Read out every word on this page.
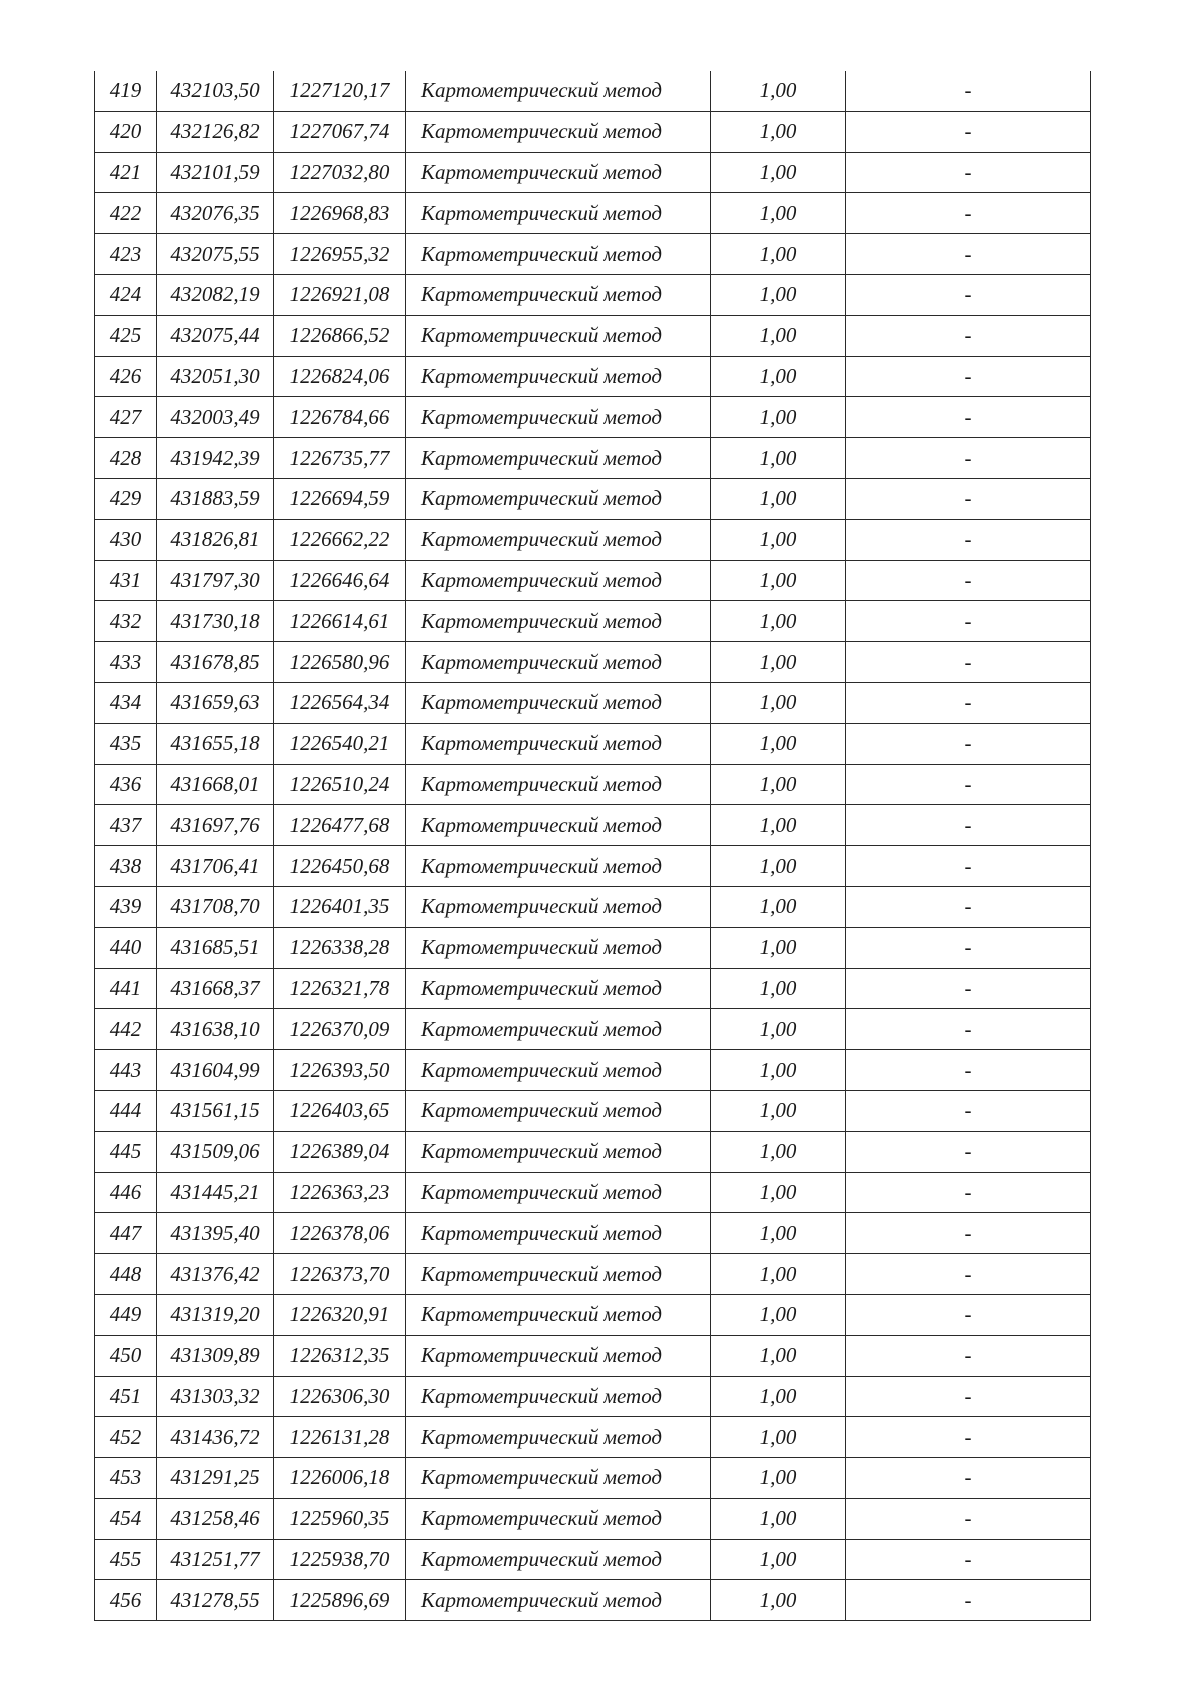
419	432103,50	1227120,17	Картометрический метод	1,00	-
420	432126,82	1227067,74	Картометрический метод	1,00	-
421	432101,59	1227032,80	Картометрический метод	1,00	-
422	432076,35	1226968,83	Картометрический метод	1,00	-
423	432075,55	1226955,32	Картометрический метод	1,00	-
424	432082,19	1226921,08	Картометрический метод	1,00	-
425	432075,44	1226866,52	Картометрический метод	1,00	-
426	432051,30	1226824,06	Картометрический метод	1,00	-
427	432003,49	1226784,66	Картометрический метод	1,00	-
428	431942,39	1226735,77	Картометрический метод	1,00	-
429	431883,59	1226694,59	Картометрический метод	1,00	-
430	431826,81	1226662,22	Картометрический метод	1,00	-
431	431797,30	1226646,64	Картометрический метод	1,00	-
432	431730,18	1226614,61	Картометрический метод	1,00	-
433	431678,85	1226580,96	Картометрический метод	1,00	-
434	431659,63	1226564,34	Картометрический метод	1,00	-
435	431655,18	1226540,21	Картометрический метод	1,00	-
436	431668,01	1226510,24	Картометрический метод	1,00	-
437	431697,76	1226477,68	Картометрический метод	1,00	-
438	431706,41	1226450,68	Картометрический метод	1,00	-
439	431708,70	1226401,35	Картометрический метод	1,00	-
440	431685,51	1226338,28	Картометрический метод	1,00	-
441	431668,37	1226321,78	Картометрический метод	1,00	-
442	431638,10	1226370,09	Картометрический метод	1,00	-
443	431604,99	1226393,50	Картометрический метод	1,00	-
444	431561,15	1226403,65	Картометрический метод	1,00	-
445	431509,06	1226389,04	Картометрический метод	1,00	-
446	431445,21	1226363,23	Картометрический метод	1,00	-
447	431395,40	1226378,06	Картометрический метод	1,00	-
448	431376,42	1226373,70	Картометрический метод	1,00	-
449	431319,20	1226320,91	Картометрический метод	1,00	-
450	431309,89	1226312,35	Картометрический метод	1,00	-
451	431303,32	1226306,30	Картометрический метод	1,00	-
452	431436,72	1226131,28	Картометрический метод	1,00	-
453	431291,25	1226006,18	Картометрический метод	1,00	-
454	431258,46	1225960,35	Картометрический метод	1,00	-
455	431251,77	1225938,70	Картометрический метод	1,00	-
456	431278,55	1225896,69	Картометрический метод	1,00	-
